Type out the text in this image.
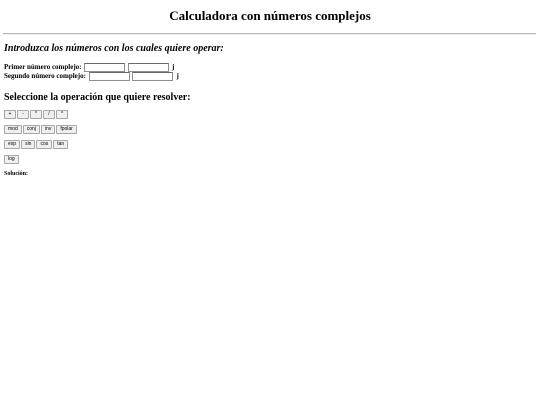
Calculadora con números complejos

Introduzca los números con los cuales quiere operar:

Primer número complejo:	j
Segundo número complejo:	j
Seleccione la operación que quiere resolver:
+ - * / ^
mod conj inv fpolar
exp sin cos tan
log

Solución:
